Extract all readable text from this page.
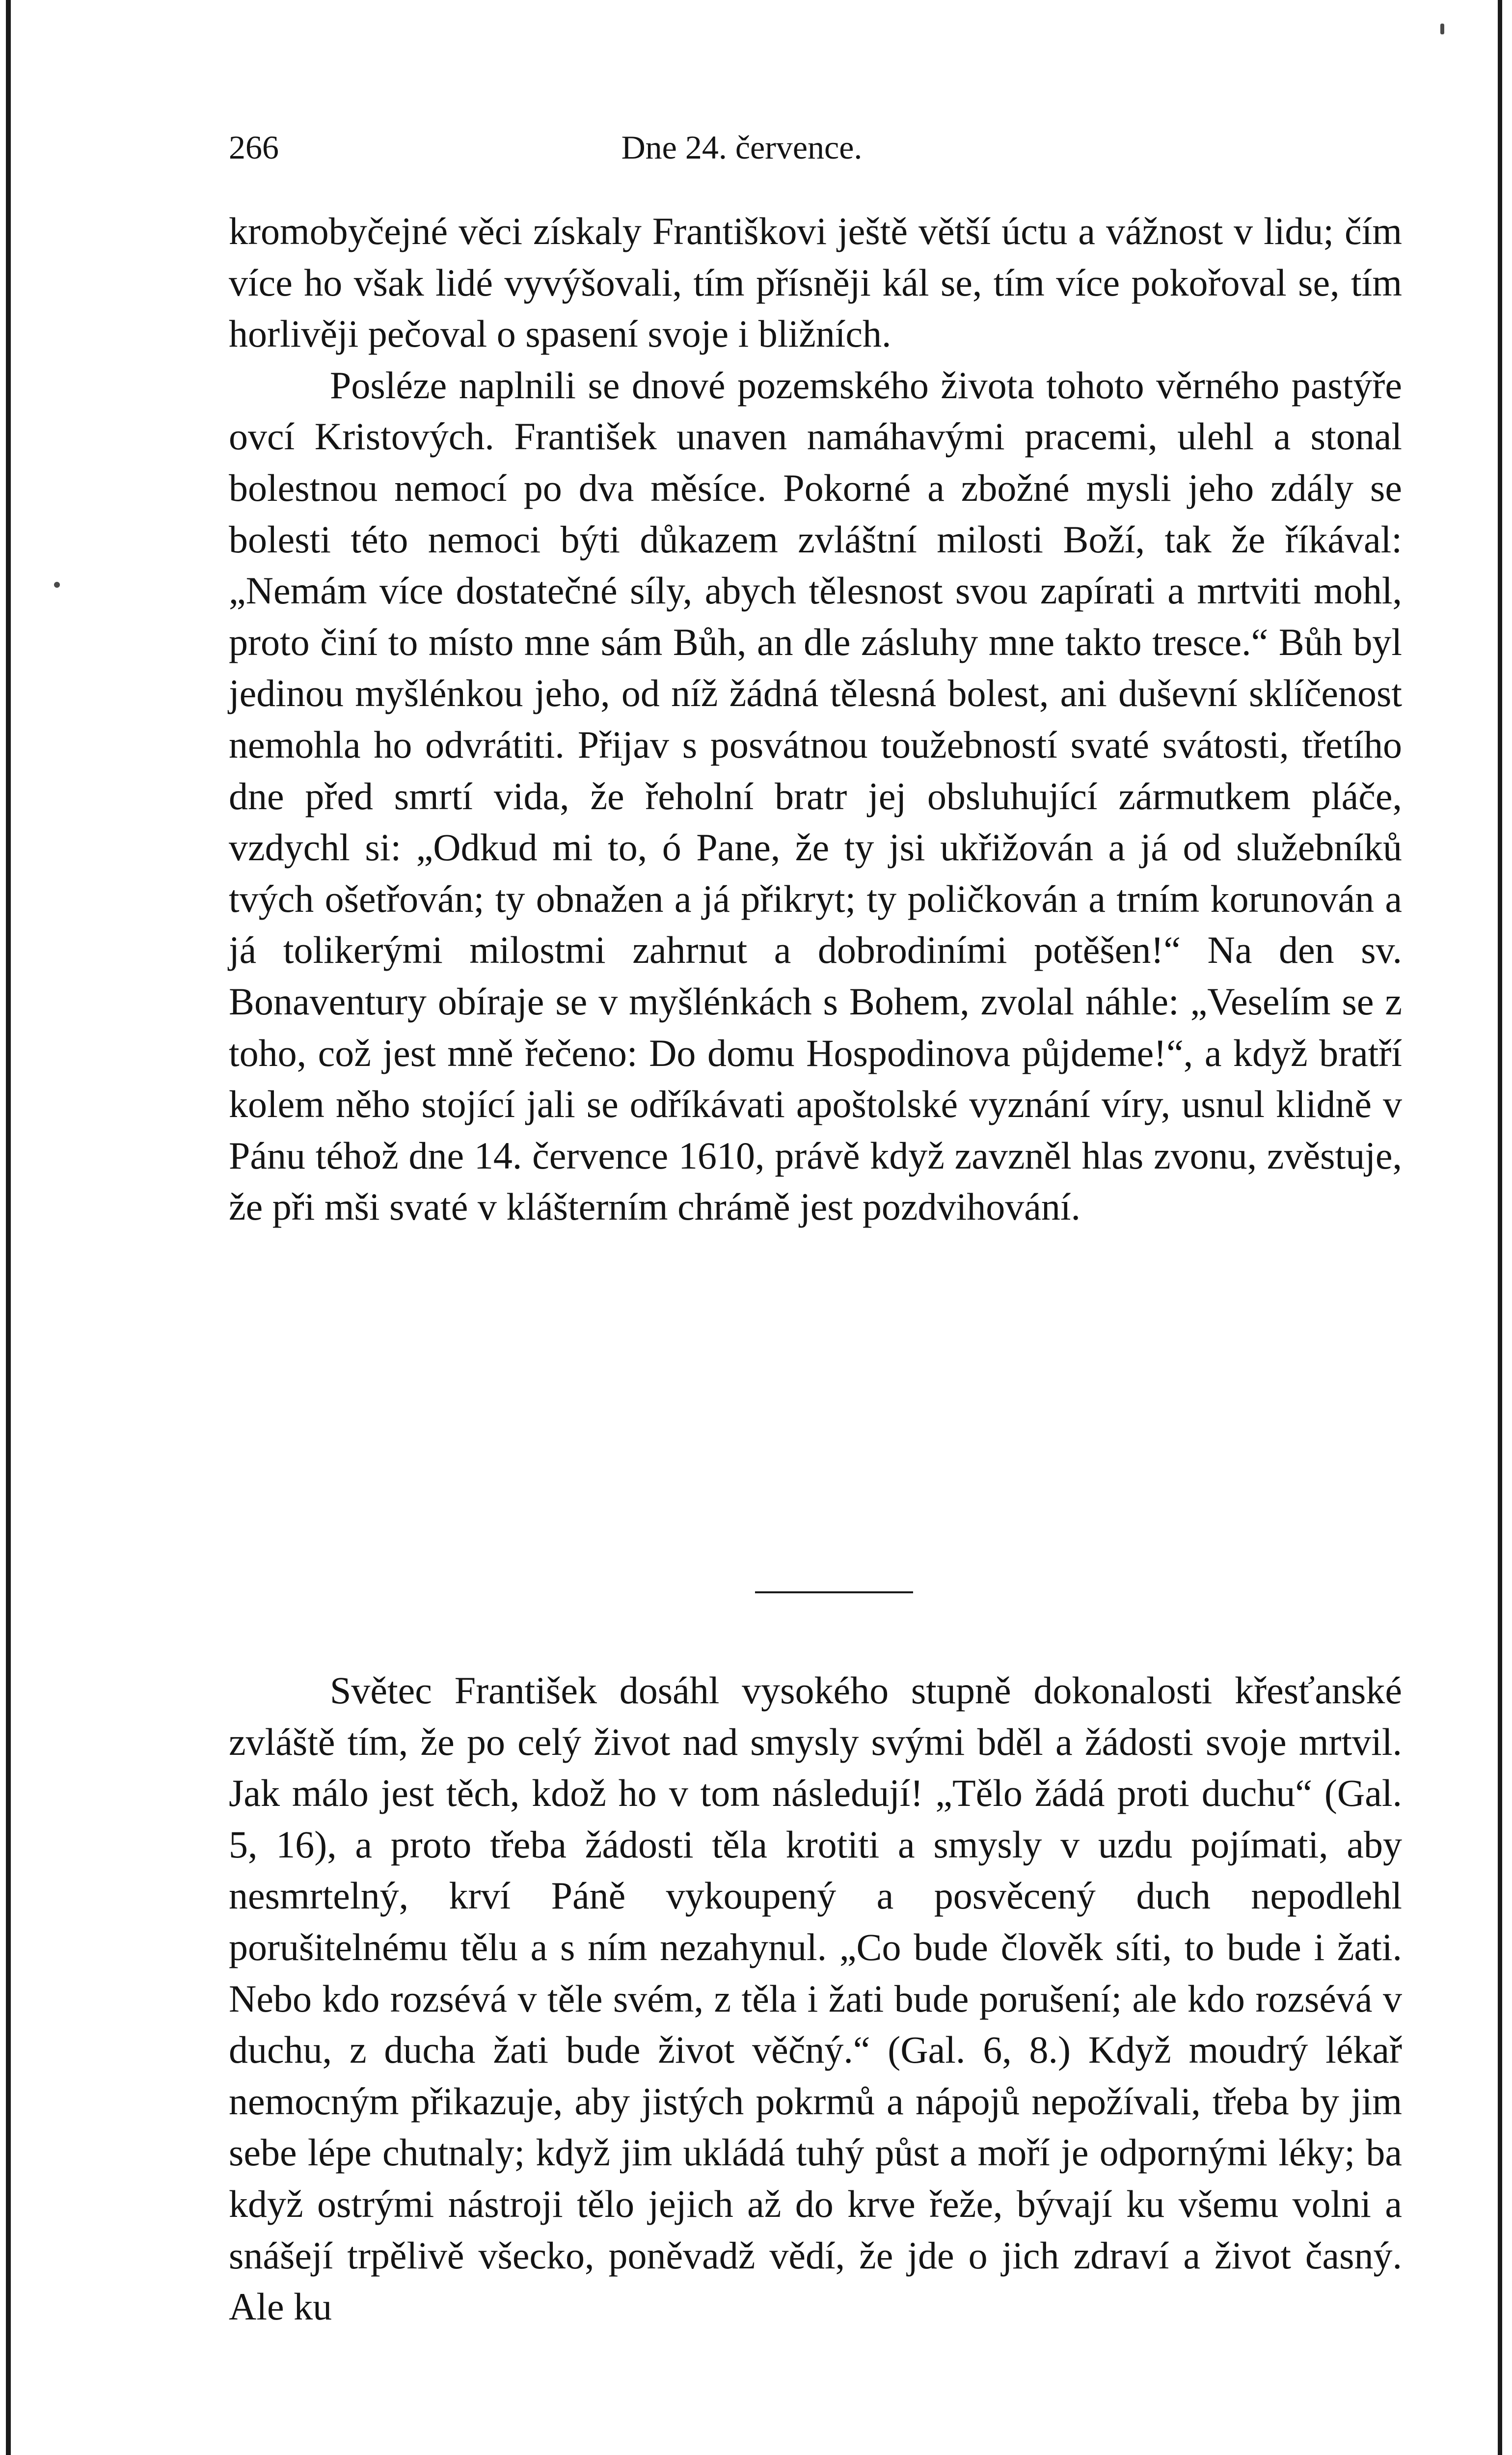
266	Dne 24. července.

kromobyčejné věci získaly Františkovi ještě větší úctu a vážnost v lidu; čím více ho však lidé vyvýšovali, tím přísněji kál se, tím více pokořoval se, tím horlivěji pečoval o spasení svoje i bližních.

Posléze naplnili se dnové pozemského života tohoto věrného pastýře ovcí Kristových. František unaven namáhavými pracemi, ulehl a stonal bolestnou nemocí po dva měsíce. Pokorné a zbožné mysli jeho zdály se bolesti této nemoci býti důkazem zvláštní milosti Boží, tak že říkával: „Nemám více dostatečné síly, abych tělesnost svou zapírati a mrtviti mohl, proto činí to místo mne sám Bůh, an dle zásluhy mne takto tresce.“ Bůh byl jedinou myšlénkou jeho, od níž žádná tělesná bolest, ani duševní sklíčenost nemohla ho odvrátiti. Přijav s posvátnou toužebností svaté svátosti, třetího dne před smrtí vida, že řeholní bratr jej obsluhující zármutkem pláče, vzdychl si: „Odkud mi to, ó Pane, že ty jsi ukřižován a já od služebníků tvých ošetřován; ty obnažen a já přikryt; ty poličkován a trním korunován a já tolikerými milostmi zahrnut a dobrodiními potěšen!“ Na den sv. Bonaventury obíraje se v myšlénkách s Bohem, zvolal náhle: „Veselím se z toho, což jest mně řečeno: Do domu Hospodinova půjdeme!“, a když bratří kolem něho stojící jali se odříkávati apoštolské vyznání víry, usnul klidně v Pánu téhož dne 14. července 1610, právě když zavzněl hlas zvonu, zvěstuje, že při mši svaté v klášterním chrámě jest pozdvihování.

Světec František dosáhl vysokého stupně dokonalosti křesťanské zvláště tím, že po celý život nad smysly svými bděl a žádosti svoje mrtvil. Jak málo jest těch, kdož ho v tom následují! „Tělo žádá proti duchu“ (Gal. 5, 16), a proto třeba žádosti těla krotiti a smysly v uzdu pojímati, aby nesmrtelný, krví Páně vykoupený a posvěcený duch nepodlehl porušitelnému tělu a s ním nezahynul. „Co bude člověk síti, to bude i žati. Nebo kdo rozsévá v těle svém, z těla i žati bude porušení; ale kdo rozsévá v duchu, z ducha žati bude život věčný.“ (Gal. 6, 8.) Když moudrý lékař nemocným přikazuje, aby jistých pokrmů a nápojů nepožívali, třeba by jim sebe lépe chutnaly; když jim ukládá tuhý půst a moří je odpornými léky; ba když ostrými nástroji tělo jejich až do krve řeže, bývají ku všemu volni a snášejí trpělivě všecko, poněvadž vědí, že jde o jich zdraví a život časný. Ale ku
